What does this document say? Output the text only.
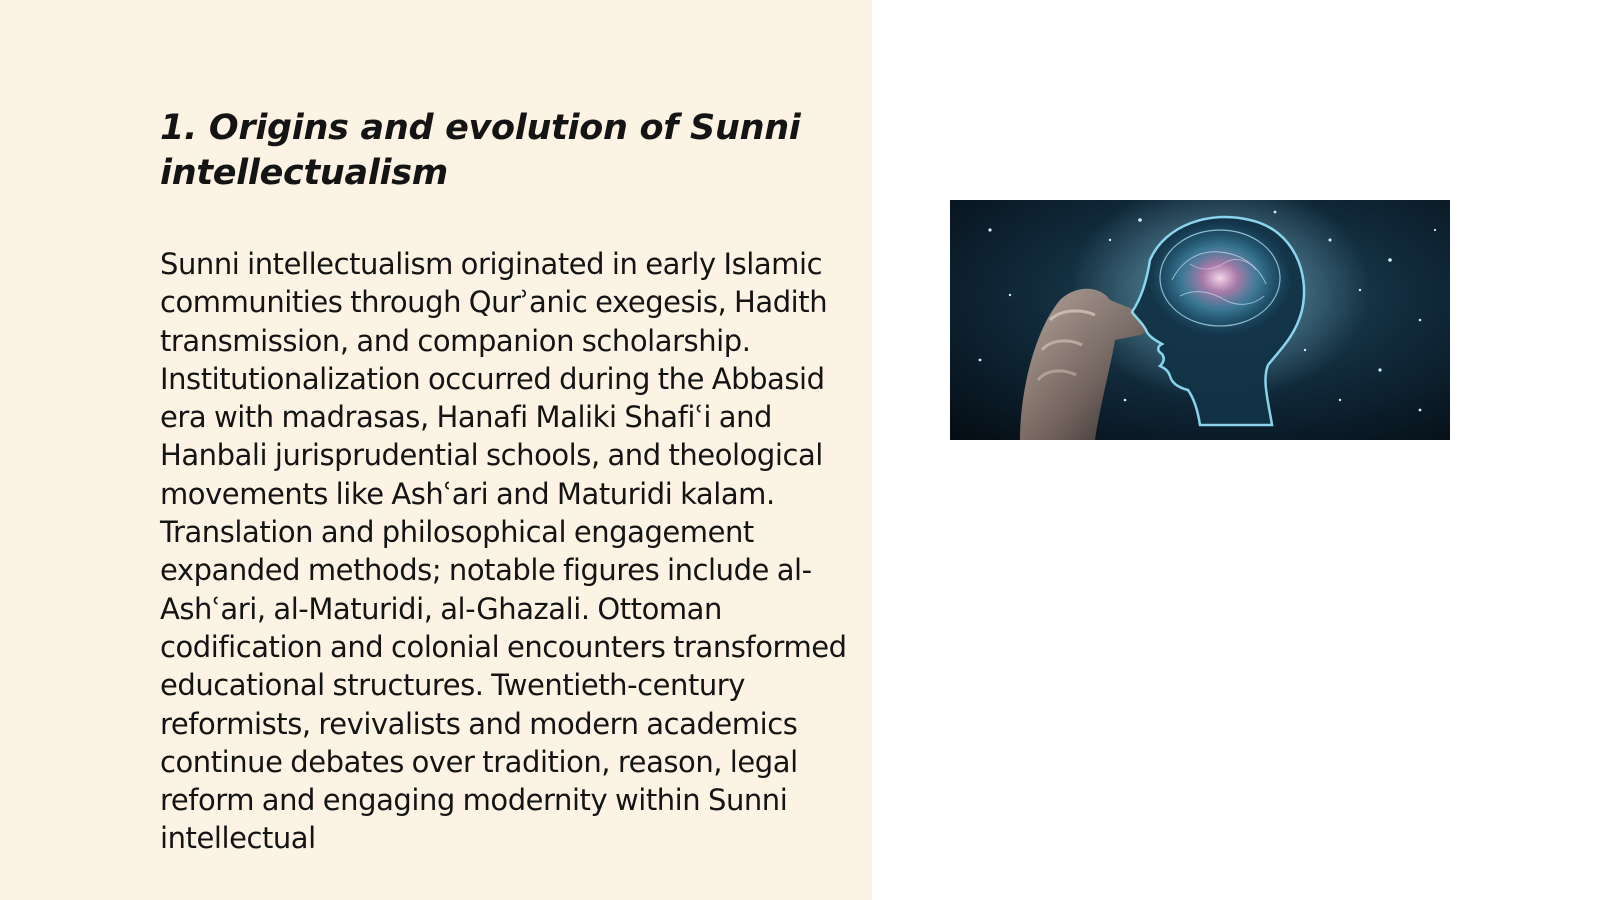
1. Origins and evolution of Sunni intellectualism

Sunni intellectualism originated in early Islamic communities through Qurʾanic exegesis, Hadith transmission, and companion scholarship. Institutionalization occurred during the Abbasid era with madrasas, Hanafi Maliki Shafiʿi and Hanbali jurisprudential schools, and theological movements like Ashʿari and Maturidi kalam. Translation and philosophical engagement expanded methods; notable figures include al-Ashʿari, al-Maturidi, al-Ghazali. Ottoman codification and colonial encounters transformed educational structures. Twentieth-century reformists, revivalists and modern academics continue debates over tradition, reason, legal reform and engaging modernity within Sunni intellectual
